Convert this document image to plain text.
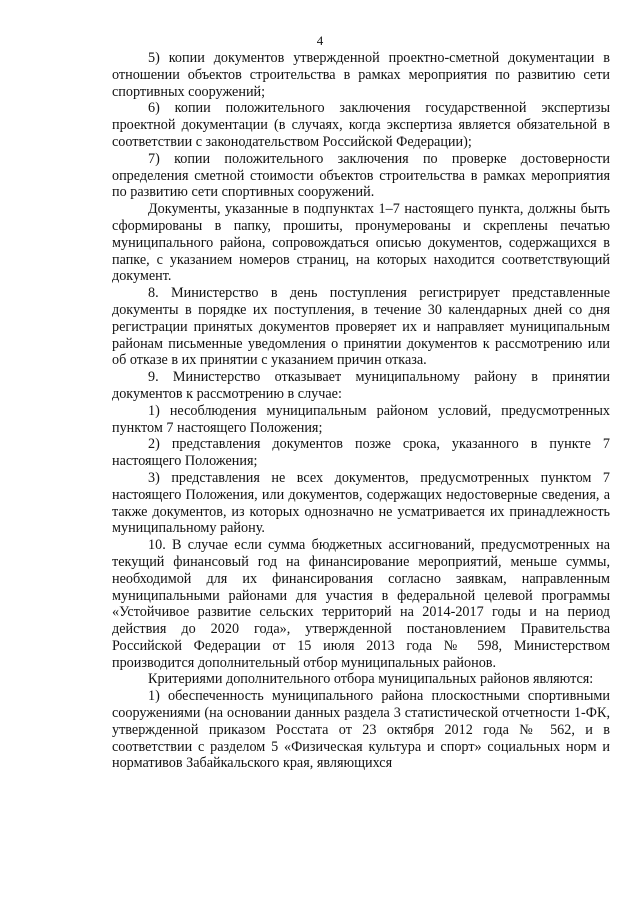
4

5) копии документов утвержденной проектно-сметной документации в отношении объектов строительства в рамках мероприятия по развитию сети спортивных сооружений;

6) копии положительного заключения государственной экспертизы проектной документации (в случаях, когда экспертиза является обязательной в соответствии с законодательством Российской Федерации);

7) копии положительного заключения по проверке достоверности определения сметной стоимости объектов строительства в рамках мероприятия по развитию сети спортивных сооружений.

Документы, указанные в подпунктах 1–7 настоящего пункта, должны быть сформированы в папку, прошиты, пронумерованы и скреплены печатью муниципального района, сопровождаться описью документов, содержащихся в папке, с указанием номеров страниц, на которых находится соответствующий документ.

8. Министерство в день поступления регистрирует представленные документы в порядке их поступления, в течение 30 календарных дней со дня регистрации принятых документов проверяет их и направляет муниципальным районам письменные уведомления о принятии документов к рассмотрению или об отказе в их принятии с указанием причин отказа.

9. Министерство отказывает муниципальному району в принятии документов к рассмотрению в случае:

1) несоблюдения муниципальным районом условий, предусмотренных пунктом 7 настоящего Положения;

2) представления документов позже срока, указанного в пункте 7 настоящего Положения;

3) представления не всех документов, предусмотренных пунктом 7 настоящего Положения, или документов, содержащих недостоверные сведения, а также документов, из которых однозначно не усматривается их принадлежность муниципальному району.

10. В случае если сумма бюджетных ассигнований, предусмотренных на текущий финансовый год на финансирование мероприятий, меньше суммы, необходимой для их финансирования согласно заявкам, направленным муниципальными районами для участия в федеральной целевой программы «Устойчивое развитие сельских территорий на 2014-2017 годы и на период действия до 2020 года», утвержденной постановлением Правительства Российской Федерации от 15 июля 2013 года № 598, Министерством производится дополнительный отбор муниципальных районов.

Критериями дополнительного отбора муниципальных районов являются:

1) обеспеченность муниципального района плоскостными спортивными сооружениями (на основании данных раздела 3 статистической отчетности 1-ФК, утвержденной приказом Росстата от 23 октября 2012 года № 562, и в соответствии с разделом 5 «Физическая культура и спорт» социальных норм и нормативов Забайкальского края, являющихся
